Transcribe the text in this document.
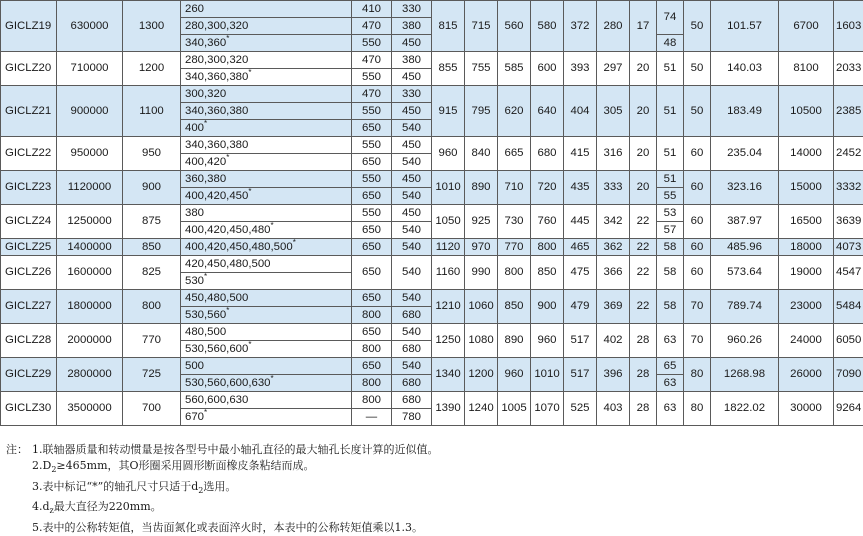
GICLZ19	630000	1300	260	410	330	815	715	560	580	372	280	17	74	50	101.57	6700	1603
			280,300,320	470	380												
			340,360*	550	450								48				
GICLZ20	710000	1200	280,300,320	470	380	855	755	585	600	393	297	20	51	50	140.03	8100	2033
			340,360,380*	550	450												
GICLZ21	900000	1100	300,320	470	330	915	795	620	640	404	305	20	51	50	183.49	10500	2385
			340,360,380	550	450												
			400*	650	540												
GICLZ22	950000	950	340,360,380	550	450	960	840	665	680	415	316	20	51	60	235.04	14000	2452
			400,420*	650	540												
GICLZ23	1120000	900	360,380	550	450	1010	890	710	720	435	333	20	51	60	323.16	15000	3332
			400,420,450*	650	540								55				
GICLZ24	1250000	875	380	550	450	1050	925	730	760	445	342	22	53	60	387.97	16500	3639
			400,420,450,480*	650	540								57				
GICLZ25	1400000	850	400,420,450,480,500*	650	540	1120	970	770	800	465	362	22	58	60	485.96	18000	4073
GICLZ26	1600000	825	420,450,480,500	650	540	1160	990	800	850	475	366	22	58	60	573.64	19000	4547
			530*
GICLZ27	1800000	800	450,480,500	650	540	1210	1060	850	900	479	369	22	58	70	789.74	23000	5484
			530,560*	800	680												
GICLZ28	2000000	770	480,500	650	540	1250	1080	890	960	517	402	28	63	70	960.26	24000	6050
			530,560,600*	800	680												
GICLZ29	2800000	725	500	650	540	1340	1200	960	1010	517	396	28	65	80	1268.98	26000	7090
			530,560,600,630*	800	680								63				
GICLZ30	3500000	700	560,600,630	800	680	1390	1240	1005	1070	525	403	28	63	80	1822.02	30000	9264
			670*	—	780												
注： 1.联轴器质量和转动惯量是按各型号中最小轴孔直径的最大轴孔长度计算的近似值。
$2.D_2\ge 465mm$，其O形圈采用圆形断面橡皮条粘结而成。
3.表中标记“*”的轴孔尺寸只适于$d_2$选用。
$4.d_z$最大直径为220mm。
5.表中的公称转矩值，当齿面氮化或表面淬火时，本表中的公称转矩值乘以1.3。
